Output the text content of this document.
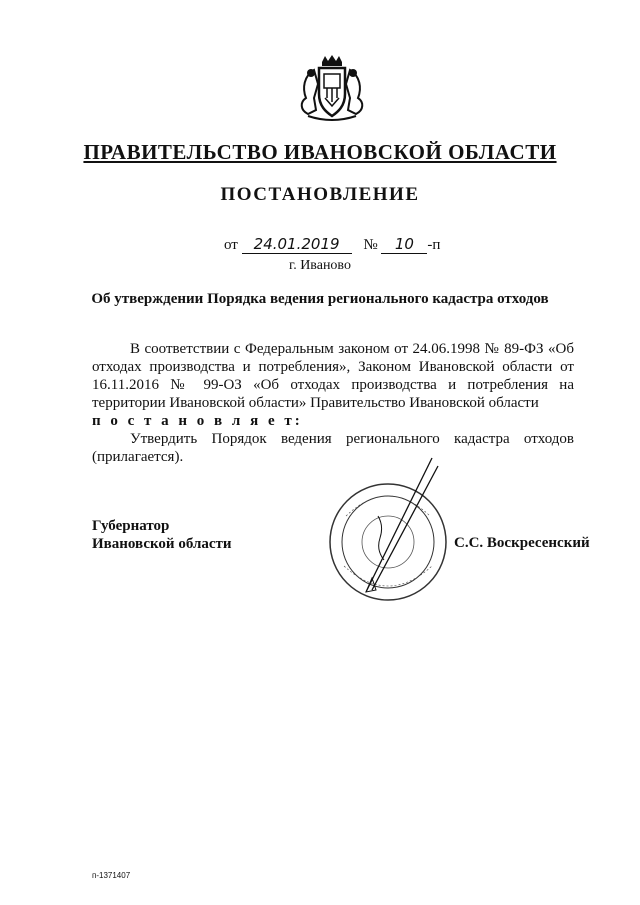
ПРАВИТЕЛЬСТВО ИВАНОВСКОЙ ОБЛАСТИ
ПОСТАНОВЛЕНИЕ
от 24.01.2019 № 10 -п
г. Иваново
Об утверждении Порядка ведения регионального кадастра отходов

В соответствии с Федеральным законом от 24.06.1998 № 89-ФЗ «Об отходах производства и потребления», Законом Ивановской области от 16.11.2016 № 99-ОЗ «Об отходах производства и потребления на территории Ивановской области» Правительство Ивановской области

п о с т а н о в л я е т:

Утвердить Порядок ведения регионального кадастра отходов (прилагается).

Губернатор
Ивановской области	С.С. Воскресенский
п-1371407
